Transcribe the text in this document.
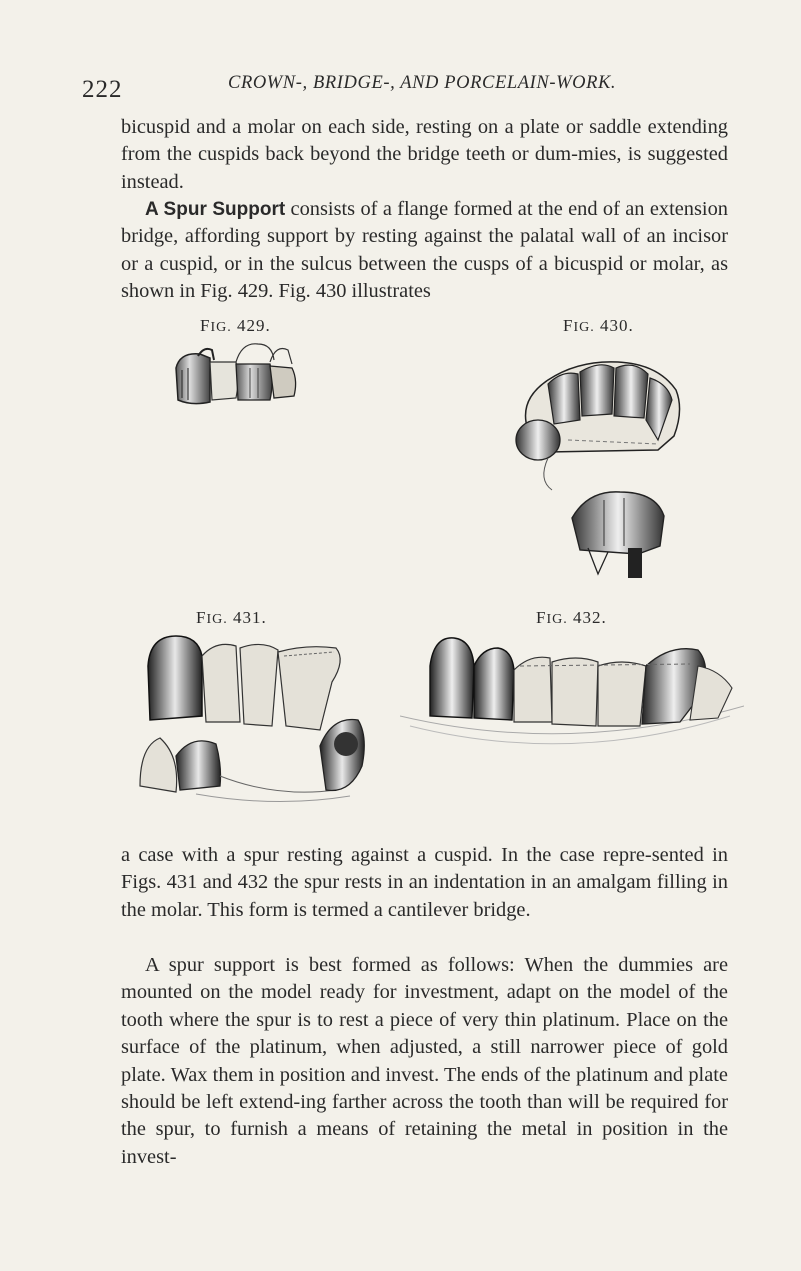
222	CROWN-, BRIDGE-, AND PORCELAIN-WORK.

bicuspid and a molar on each side, resting on a plate or saddle extending from the cuspids back beyond the bridge teeth or dum-mies, is suggested instead.

A Spur Support consists of a flange formed at the end of an extension bridge, affording support by resting against the palatal wall of an incisor or a cuspid, or in the sulcus between the cusps of a bicuspid or molar, as shown in Fig. 429. Fig. 430 illustrates

FIG. 429.	FIG. 430.
FIG. 431.	FIG. 432.

a case with a spur resting against a cuspid. In the case repre-sented in Figs. 431 and 432 the spur rests in an indentation in an amalgam filling in the molar. This form is termed a cantilever bridge.

A spur support is best formed as follows: When the dummies are mounted on the model ready for investment, adapt on the model of the tooth where the spur is to rest a piece of very thin platinum. Place on the surface of the platinum, when adjusted, a still narrower piece of gold plate. Wax them in position and invest. The ends of the platinum and plate should be left extend-ing farther across the tooth than will be required for the spur, to furnish a means of retaining the metal in position in the invest-
